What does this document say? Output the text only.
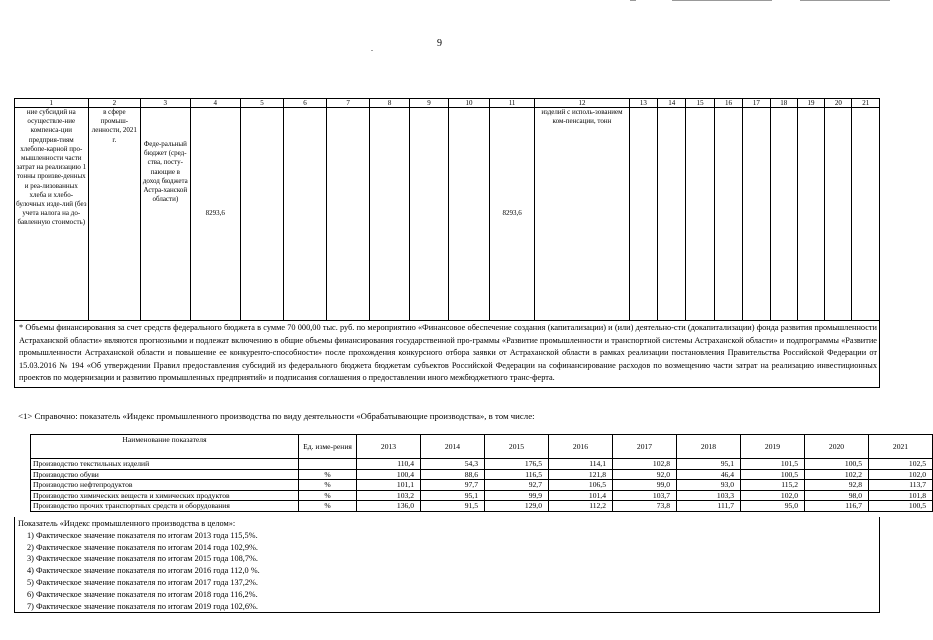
.	9
1	2	3	4	5	6	7	8	9	10	11	12	13	14	15	16	17	18	19	20	21
ние субсидий на осуществле-ние компенса-ции предприя-тиям хлебопе-карной про-мышленности части затрат на реализацию 1 тонны произве-денных и реа-лизованных хлеба и хлебо-булочных изде-лий (без учета налога на до-бавленную стоимость)	в сфере промыш-ленности, 2021 г.	Феде-ральный бюджет (сред-ства, посту-пающие в доход бюджета Астра-ханской области)	8293,6							8293,6	изделий с исполь-зованием ком-пенсации, тонн									
* Объемы финансирования за счет средств федерального бюджета в сумме 70 000,00 тыс. руб. по мероприятию «Финансовое обеспечение создания (капитализации) и (или) деятельно-сти (докапитализации) фонда развития промышленности Астраханской области» являются прогнозными и подлежат включению в общие объемы финансирования государственной про-граммы «Развитие промышленности и транспортной системы Астраханской области» и подпрограммы «Развитие промышленности Астраханской области и повышение ее конкуренто-способности» после прохождения конкурсного отбора заявки от Астраханской области в рамках реализации постановления Правительства Российской Федерации от 15.03.2016 № 194 «Об утверждении Правил предоставления субсидий из федерального бюджета бюджетам субъектов Российской Федерации на софинансирование расходов по возмещению части затрат на реализацию инвестиционных проектов по модернизации и развитию промышленных предприятий» и подписания соглашения о предоставлении иного межбюджетного транс-ферта.																				
<1> Справочно: показатель «Индекс промышленного производства по виду деятельности «Обрабатывающие производства», в том числе:
Наименование показателя	Ед. изме-рения	2013	2014	2015	2016	2017	2018	2019	2020	2021
Производство текстильных изделий		110,4	54,3	176,5	114,1	102,8	95,1	101,5	100,5	102,5
Производство обуви	%	100,4	88,6	116,5	121,8	92,0	46,4	100,5	102,2	102,0
Производство нефтепродуктов	%	101,1	97,7	92,7	106,5	99,0	93,0	115,2	92,8	113,7
Производство химических веществ и химических продуктов	%	103,2	95,1	99,9	101,4	103,7	103,3	102,0	98,0	101,8
Производство прочих транспортных средств и оборудования	%	136,0	91,5	129,0	112,2	73,8	111,7	95,0	116,7	100,5
Показатель «Индекс промышленного производства в целом»:
1) Фактическое значение показателя по итогам 2013 года 115,5%.
2) Фактическое значение показателя по итогам 2014 года 102,9%.
3) Фактическое значение показателя по итогам 2015 года 108,7%.
4) Фактическое значение показателя по итогам 2016 года 112,0 %.
5) Фактическое значение показателя по итогам 2017 года 137,2%.
6) Фактическое значение показателя по итогам 2018 года 116,2%.
7) Фактическое значение показателя по итогам 2019 года 102,6%.
